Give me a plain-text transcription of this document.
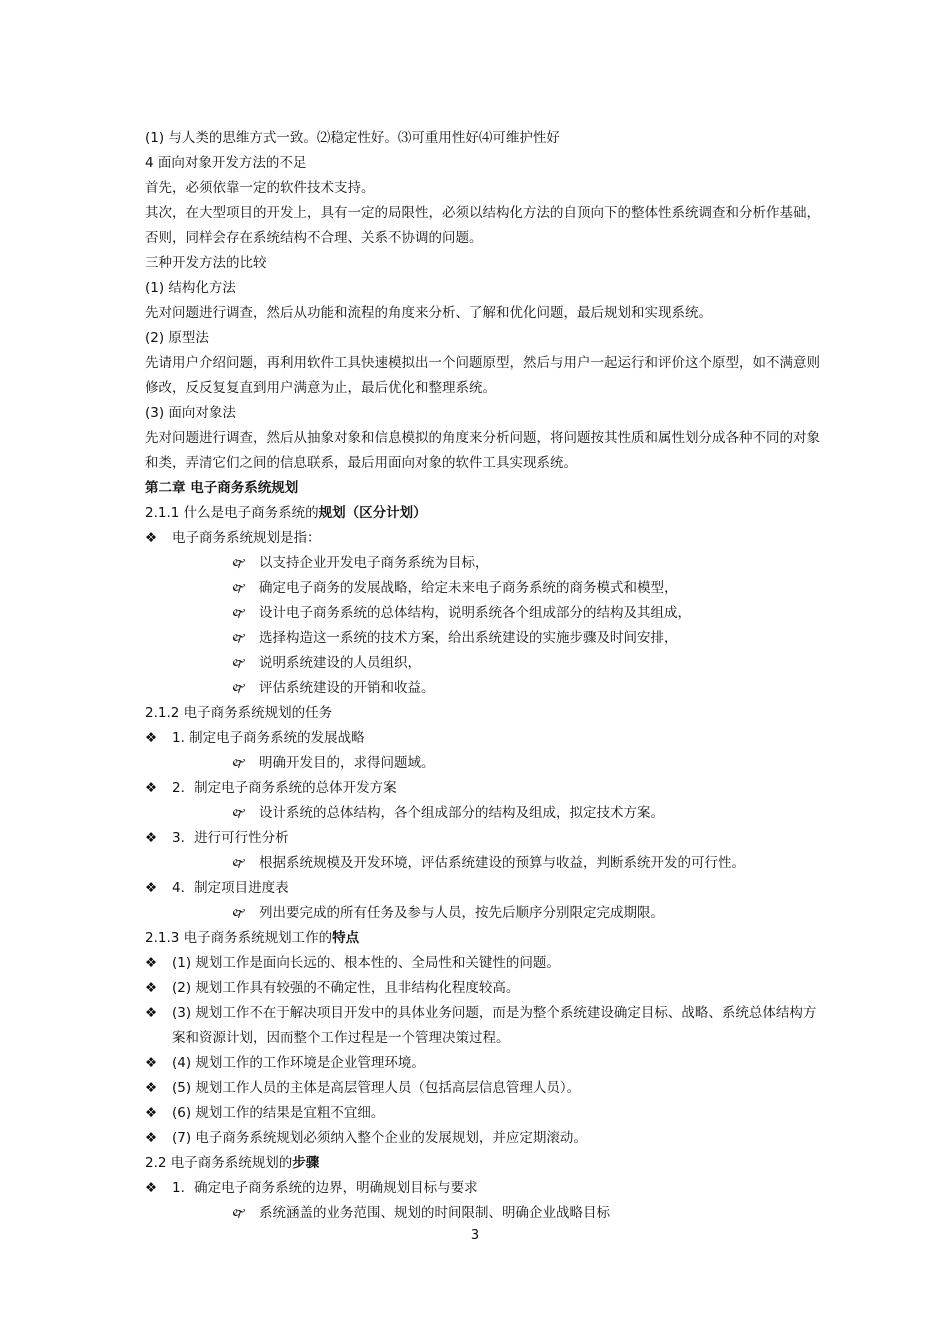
(1) 与人类的思维方式一致。⑵稳定性好。⑶可重用性好⑷可维护性好
4 面向对象开发方法的不足
首先，必须依靠一定的软件技术支持。
其次，在大型项目的开发上，具有一定的局限性，必须以结构化方法的自顶向下的整体性系统调查和分析作基础，否则，同样会存在系统结构不合理、关系不协调的问题。
三种开发方法的比较
(1) 结构化方法
先对问题进行调查，然后从功能和流程的角度来分析、了解和优化问题，最后规划和实现系统。
(2) 原型法
先请用户介绍问题，再利用软件工具快速模拟出一个问题原型，然后与用户一起运行和评价这个原型，如不满意则修改，反反复复直到用户满意为止，最后优化和整理系统。
(3) 面向对象法
先对问题进行调查，然后从抽象对象和信息模拟的角度来分析问题，将问题按其性质和属性划分成各种不同的对象和类，弄清它们之间的信息联系，最后用面向对象的软件工具实现系统。
第二章 电子商务系统规划
2.1.1 什么是电子商务系统的规划（区分计划）
❖ 电子商务系统规划是指：
🙰 以支持企业开发电子商务系统为目标，
🙰 确定电子商务的发展战略，给定未来电子商务系统的商务模式和模型，
🙰 设计电子商务系统的总体结构，说明系统各个组成部分的结构及其组成，
🙰 选择构造这一系统的技术方案，给出系统建设的实施步骤及时间安排，
🙰 说明系统建设的人员组织，
🙰 评估系统建设的开销和收益。
2.1.2 电子商务系统规划的任务
❖ 1. 制定电子商务系统的发展战略
🙰 明确开发目的，求得问题域。
❖ 2．制定电子商务系统的总体开发方案
🙰 设计系统的总体结构，各个组成部分的结构及组成，拟定技术方案。
❖ 3．进行可行性分析
🙰 根据系统规模及开发环境，评估系统建设的预算与收益，判断系统开发的可行性。
❖ 4．制定项目进度表
🙰 列出要完成的所有任务及参与人员，按先后顺序分别限定完成期限。
2.1.3 电子商务系统规划工作的特点
❖ (1) 规划工作是面向长远的、根本性的、全局性和关键性的问题。
❖ (2) 规划工作具有较强的不确定性，且非结构化程度较高。
❖ (3) 规划工作不在于解决项目开发中的具体业务问题，而是为整个系统建设确定目标、战略、系统总体结构方案和资源计划，因而整个工作过程是一个管理决策过程。
❖ (4) 规划工作的工作环境是企业管理环境。
❖ (5) 规划工作人员的主体是高层管理人员（包括高层信息管理人员）。
❖ (6) 规划工作的结果是宜粗不宜细。
❖ (7) 电子商务系统规划必须纳入整个企业的发展规划，并应定期滚动。
2.2 电子商务系统规划的步骤
❖ 1．确定电子商务系统的边界，明确规划目标与要求
🙰 系统涵盖的业务范围、规划的时间限制、明确企业战略目标
3
